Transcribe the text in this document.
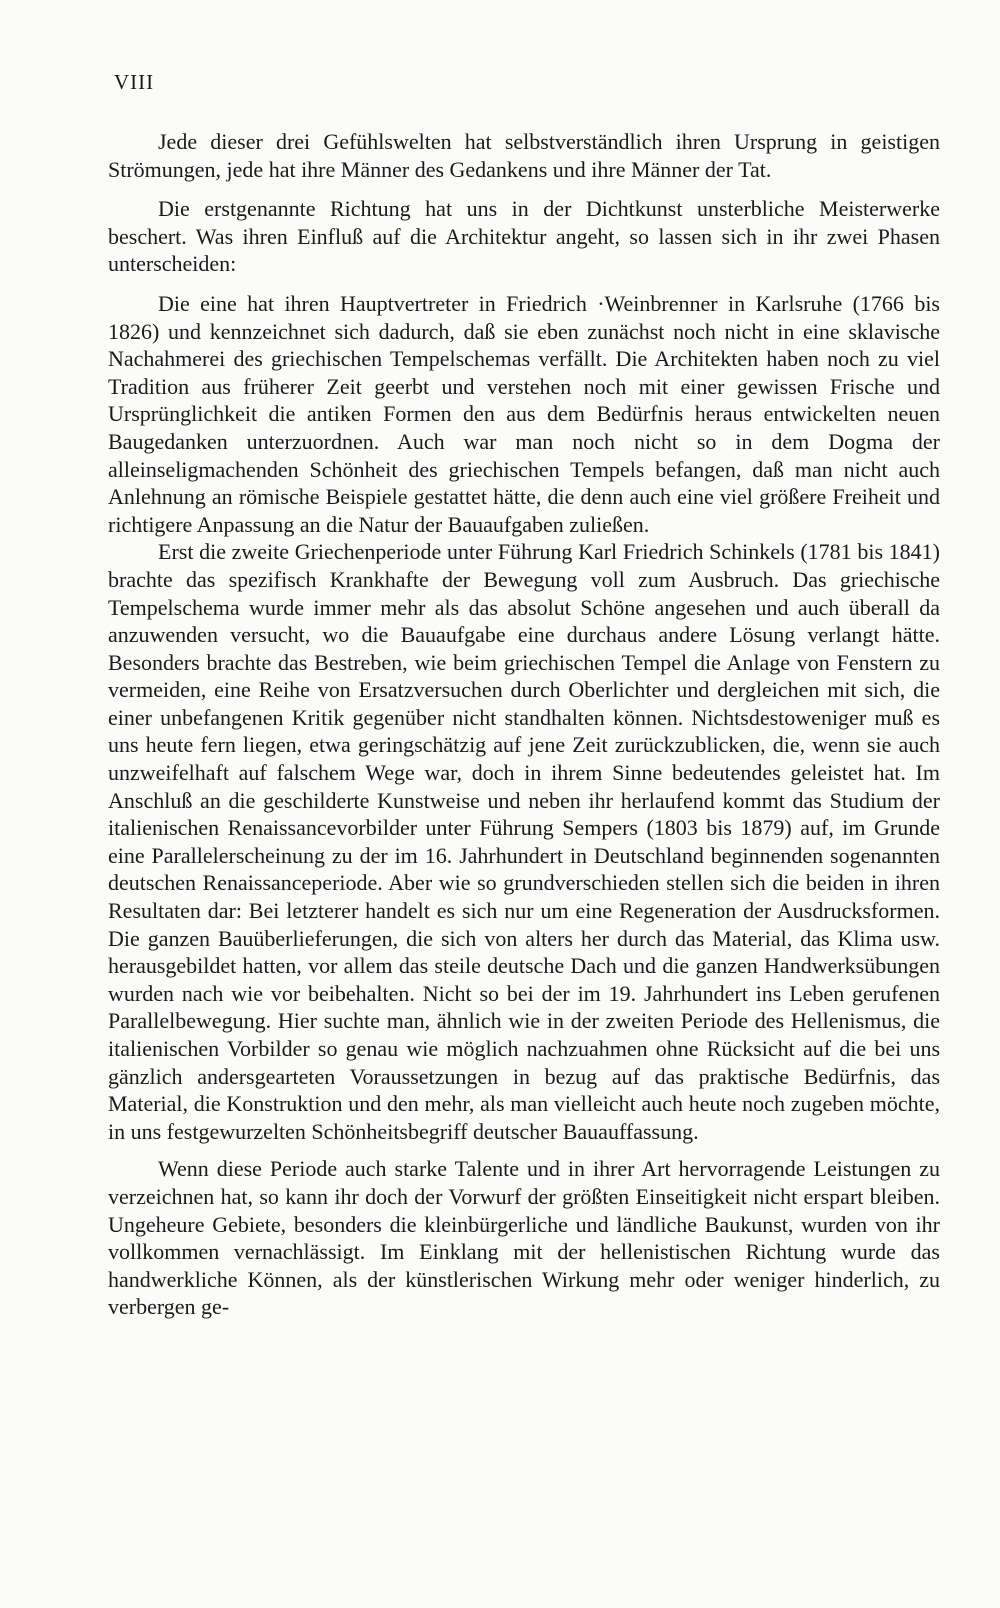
VIII

Jede dieser drei Gefühlswelten hat selbstverständlich ihren Ursprung in geistigen Strömungen, jede hat ihre Männer des Gedankens und ihre Männer der Tat.

Die erstgenannte Richtung hat uns in der Dichtkunst unsterbliche Meisterwerke beschert. Was ihren Einfluß auf die Architektur angeht, so lassen sich in ihr zwei Phasen unterscheiden:

Die eine hat ihren Hauptvertreter in Friedrich ·Weinbrenner in Karlsruhe (1766 bis 1826) und kennzeichnet sich dadurch, daß sie eben zunächst noch nicht in eine sklavische Nachahmerei des griechischen Tempelschemas verfällt. Die Architekten haben noch zu viel Tradition aus früherer Zeit geerbt und verstehen noch mit einer gewissen Frische und Ursprünglichkeit die antiken Formen den aus dem Bedürfnis heraus entwickelten neuen Baugedanken unterzuordnen. Auch war man noch nicht so in dem Dogma der alleinseligmachenden Schönheit des griechischen Tempels befangen, daß man nicht auch Anlehnung an römische Beispiele gestattet hätte, die denn auch eine viel größere Freiheit und richtigere Anpassung an die Natur der Bauaufgaben zuließen.

Erst die zweite Griechenperiode unter Führung Karl Friedrich Schinkels (1781 bis 1841) brachte das spezifisch Krankhafte der Bewegung voll zum Ausbruch. Das griechische Tempelschema wurde immer mehr als das absolut Schöne angesehen und auch überall da anzuwenden versucht, wo die Bauaufgabe eine durchaus andere Lösung verlangt hätte. Besonders brachte das Bestreben, wie beim griechischen Tempel die Anlage von Fenstern zu vermeiden, eine Reihe von Ersatzversuchen durch Oberlichter und dergleichen mit sich, die einer unbefangenen Kritik gegenüber nicht standhalten können. Nichtsdestoweniger muß es uns heute fern liegen, etwa geringschätzig auf jene Zeit zurückzublicken, die, wenn sie auch unzweifelhaft auf falschem Wege war, doch in ihrem Sinne bedeutendes geleistet hat. Im Anschluß an die geschilderte Kunstweise und neben ihr herlaufend kommt das Studium der italienischen Renaissancevorbilder unter Führung Sempers (1803 bis 1879) auf, im Grunde eine Parallelerscheinung zu der im 16. Jahrhundert in Deutschland beginnenden sogenannten deutschen Renaissanceperiode. Aber wie so grundverschieden stellen sich die beiden in ihren Resultaten dar: Bei letzterer handelt es sich nur um eine Regeneration der Ausdrucksformen. Die ganzen Bauüberlieferungen, die sich von alters her durch das Material, das Klima usw. herausgebildet hatten, vor allem das steile deutsche Dach und die ganzen Handwerksübungen wurden nach wie vor beibehalten. Nicht so bei der im 19. Jahrhundert ins Leben gerufenen Parallelbewegung. Hier suchte man, ähnlich wie in der zweiten Periode des Hellenismus, die italienischen Vorbilder so genau wie möglich nachzuahmen ohne Rücksicht auf die bei uns gänzlich andersgearteten Voraussetzungen in bezug auf das praktische Bedürfnis, das Material, die Konstruktion und den mehr, als man vielleicht auch heute noch zugeben möchte, in uns festgewurzelten Schönheitsbegriff deutscher Bauauffassung.

Wenn diese Periode auch starke Talente und in ihrer Art hervorragende Leistungen zu verzeichnen hat, so kann ihr doch der Vorwurf der größten Einseitigkeit nicht erspart bleiben. Ungeheure Gebiete, besonders die kleinbürgerliche und ländliche Baukunst, wurden von ihr vollkommen vernachlässigt. Im Einklang mit der hellenistischen Richtung wurde das handwerkliche Können, als der künstlerischen Wirkung mehr oder weniger hinderlich, zu verbergen ge-
